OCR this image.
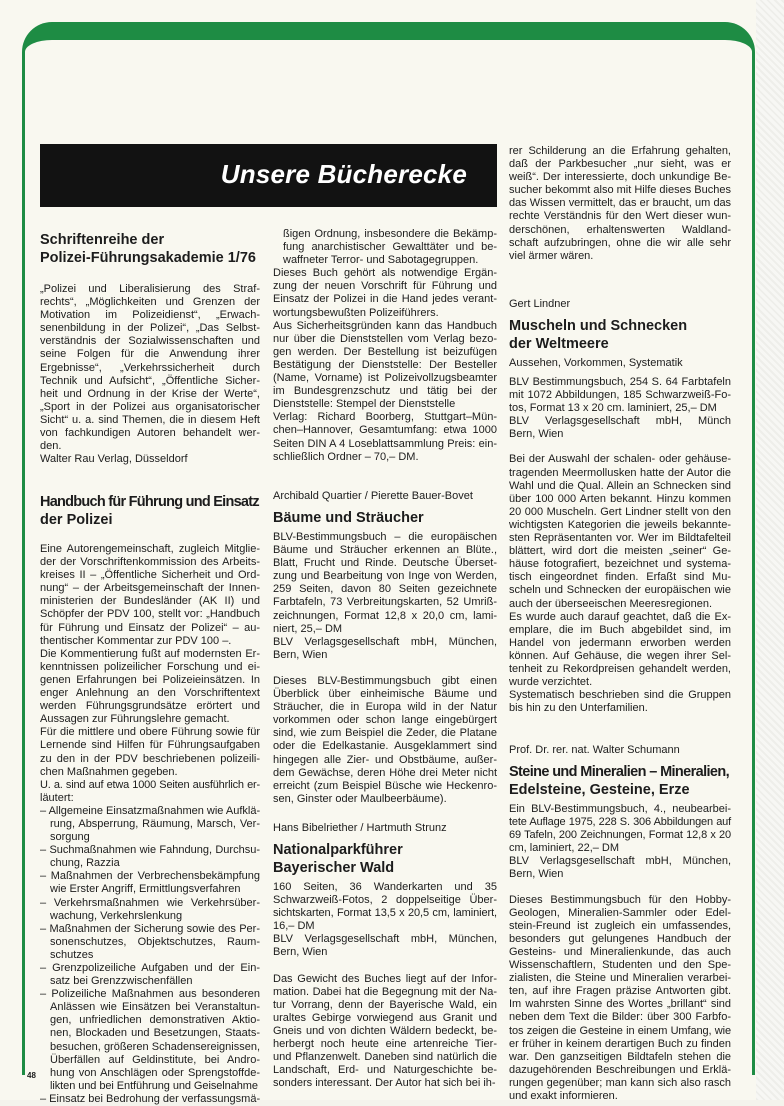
Unsere Bücherecke
Schriftenreihe der
Polizei-Führungsakademie 1/76
„Polizei und Liberalisierung des Straf-
rechts“, „Möglichkeiten und Grenzen der
Motivation im Polizeidienst“, „Erwach-
senenbildung in der Polizei“, „Das Selbst-
verständnis der Sozialwissenschaften und
seine Folgen für die Anwendung ihrer
Ergebnisse“, „Verkehrssicherheit durch
Technik und Aufsicht“, „Öffentliche Sicher-
heit und Ordnung in der Krise der Werte“,
„Sport in der Polizei aus organisatorischer
Sicht“ u. a. sind Themen, die in diesem Heft
von fachkundigen Autoren behandelt wer-
den.
Walter Rau Verlag, Düsseldorf
Handbuch für Führung und Einsatz
der Polizei
Eine Autorengemeinschaft, zugleich Mitglie-
der der Vorschriftenkommission des Arbeits-
kreises II – „Öffentliche Sicherheit und Ord-
nung“ – der Arbeitsgemeinschaft der Innen-
ministerien der Bundesländer (AK II) und
Schöpfer der PDV 100, stellt vor: „Handbuch
für Führung und Einsatz der Polizei“ – au-
thentischer Kommentar zur PDV 100 –.
Die Kommentierung fußt auf modernsten Er-
kenntnissen polizeilicher Forschung und ei-
genen Erfahrungen bei Polizeieinsätzen. In
enger Anlehnung an den Vorschriftentext
werden Führungsgrundsätze erörtert und
Aussagen zur Führungslehre gemacht.
Für die mittlere und obere Führung sowie für
Lernende sind Hilfen für Führungsaufgaben
zu den in der PDV beschriebenen polizeili-
chen Maßnahmen gegeben.
U. a. sind auf etwa 1000 Seiten ausführlich er-
läutert:
– Allgemeine Einsatzmaßnahmen wie Aufklä-
rung, Absperrung, Räumung, Marsch, Ver-
sorgung
– Suchmaßnahmen wie Fahndung, Durchsu-
chung, Razzia
– Maßnahmen der Verbrechensbekämpfung
wie Erster Angriff, Ermittlungsverfahren
– Verkehrsmaßnahmen wie Verkehrsüber-
wachung, Verkehrslenkung
– Maßnahmen der Sicherung sowie des Per-
sonenschutzes, Objektschutzes, Raum-
schutzes
– Grenzpolizeiliche Aufgaben und der Ein-
satz bei Grenzzwischenfällen
– Polizeiliche Maßnahmen aus besonderen
Anlässen wie Einsätzen bei Veranstaltun-
gen, unfriedlichen demonstrativen Aktio-
nen, Blockaden und Besetzungen, Staats-
besuchen, größeren Schadensereignissen,
Überfällen auf Geldinstitute, bei Andro-
hung von Anschlägen oder Sprengstoffde-
likten und bei Entführung und Geiselnahme
– Einsatz bei Bedrohung der verfassungsmä-
48
ßigen Ordnung, insbesondere die Bekämp-
fung anarchistischer Gewalttäter und be-
waffneter Terror- und Sabotagegruppen.
Dieses Buch gehört als notwendige Ergän-
zung der neuen Vorschrift für Führung und
Einsatz der Polizei in die Hand jedes verant-
wortungsbewußten Polizeiführers.
Aus Sicherheitsgründen kann das Handbuch
nur über die Dienststellen vom Verlag bezo-
gen werden. Der Bestellung ist beizufügen
Bestätigung der Dienststelle: Der Besteller
(Name, Vorname) ist Polizeivollzugsbeamter
im Bundesgrenzschutz und tätig bei der
Dienststelle: Stempel der Dienststelle
Verlag: Richard Boorberg, Stuttgart–Mün-
chen–Hannover, Gesamtumfang: etwa 1000
Seiten DIN A 4 Loseblattsammlung Preis: ein-
schließlich Ordner – 70,– DM.
Archibald Quartier / Pierette Bauer-Bovet
Bäume und Sträucher
BLV-Bestimmungsbuch – die europäischen
Bäume und Sträucher erkennen an Blüte.,
Blatt, Frucht und Rinde. Deutsche Überset-
zung und Bearbeitung von Inge von Werden,
259 Seiten, davon 80 Seiten gezeichnete
Farbtafeln, 73 Verbreitungskarten, 52 Umriß-
zeichnungen, Format 12,8 x 20,0 cm, lami-
niert, 25,– DM
BLV Verlagsgesellschaft mbH, München,
Bern, Wien
Dieses BLV-Bestimmungsbuch gibt einen
Überblick über einheimische Bäume und
Sträucher, die in Europa wild in der Natur
vorkommen oder schon lange eingebürgert
sind, wie zum Beispiel die Zeder, die Platane
oder die Edelkastanie. Ausgeklammert sind
hingegen alle Zier- und Obstbäume, außer-
dem Gewächse, deren Höhe drei Meter nicht
erreicht (zum Beispiel Büsche wie Heckenro-
sen, Ginster oder Maulbeerbäume).
Hans Bibelriether / Hartmuth Strunz
Nationalparkführer
Bayerischer Wald
160 Seiten, 36 Wanderkarten und 35
Schwarzweiß-Fotos, 2 doppelseitige Über-
sichtskarten, Format 13,5 x 20,5 cm, laminiert,
16,– DM
BLV Verlagsgesellschaft mbH, München,
Bern, Wien
Das Gewicht des Buches liegt auf der Infor-
mation. Dabei hat die Begegnung mit der Na-
tur Vorrang, denn der Bayerische Wald, ein
uraltes Gebirge vorwiegend aus Granit und
Gneis und von dichten Wäldern bedeckt, be-
herbergt noch heute eine artenreiche Tier-
und Pflanzenwelt. Daneben sind natürlich die
Landschaft, Erd- und Naturgeschichte be-
sonders interessant. Der Autor hat sich bei ih-
rer Schilderung an die Erfahrung gehalten,
daß der Parkbesucher „nur sieht, was er
weiß“. Der interessierte, doch unkundige Be-
sucher bekommt also mit Hilfe dieses Buches
das Wissen vermittelt, das er braucht, um das
rechte Verständnis für den Wert dieser wun-
derschönen, erhaltenswerten Waldland-
schaft aufzubringen, ohne die wir alle sehr
viel ärmer wären.
Gert Lindner
Muscheln und Schnecken
der Weltmeere
Aussehen, Vorkommen, Systematik
BLV Bestimmungsbuch, 254 S. 64 Farbtafeln
mit 1072 Abbildungen, 185 Schwarzweiß-Fo-
tos, Format 13 x 20 cm. laminiert, 25,– DM
BLV Verlagsgesellschaft mbH, Münch
Bern, Wien
Bei der Auswahl der schalen- oder gehäuse-
tragenden Meermollusken hatte der Autor die
Wahl und die Qual. Allein an Schnecken sind
über 100 000 Arten bekannt. Hinzu kommen
20 000 Muscheln. Gert Lindner stellt von den
wichtigsten Kategorien die jeweils bekannte-
sten Repräsentanten vor. Wer im Bildtafelteil
blättert, wird dort die meisten „seiner“ Ge-
häuse fotografiert, bezeichnet und systema-
tisch eingeordnet finden. Erfaßt sind Mu-
scheln und Schnecken der europäischen wie
auch der überseeischen Meeresregionen.
Es wurde auch darauf geachtet, daß die Ex-
emplare, die im Buch abgebildet sind, im
Handel von jedermann erworben werden
können. Auf Gehäuse, die wegen ihrer Sel-
tenheit zu Rekordpreisen gehandelt werden,
wurde verzichtet.
Systematisch beschrieben sind die Gruppen
bis hin zu den Unterfamilien.
Prof. Dr. rer. nat. Walter Schumann
Steine und Mineralien – Mineralien,
Edelsteine, Gesteine, Erze
Ein BLV-Bestimmungsbuch, 4., neubearbei-
tete Auflage 1975, 228 S. 306 Abbildungen auf
69 Tafeln, 200 Zeichnungen, Format 12,8 x 20
cm, laminiert, 22,– DM
BLV Verlagsgesellschaft mbH, München,
Bern, Wien
Dieses Bestimmungsbuch für den Hobby-
Geologen, Mineralien-Sammler oder Edel-
stein-Freund ist zugleich ein umfassendes,
besonders gut gelungenes Handbuch der
Gesteins- und Mineralienkunde, das auch
Wissenschaftlern, Studenten und den Spe-
zialisten, die Steine und Mineralien verarbei-
ten, auf ihre Fragen präzise Antworten gibt.
Im wahrsten Sinne des Wortes „brillant“ sind
neben dem Text die Bilder: über 300 Farbfo-
tos zeigen die Gesteine in einem Umfang, wie
er früher in keinem derartigen Buch zu finden
war. Den ganzseitigen Bildtafeln stehen die
dazugehörenden Beschreibungen und Erklä-
rungen gegenüber; man kann sich also rasch
und exakt informieren.
